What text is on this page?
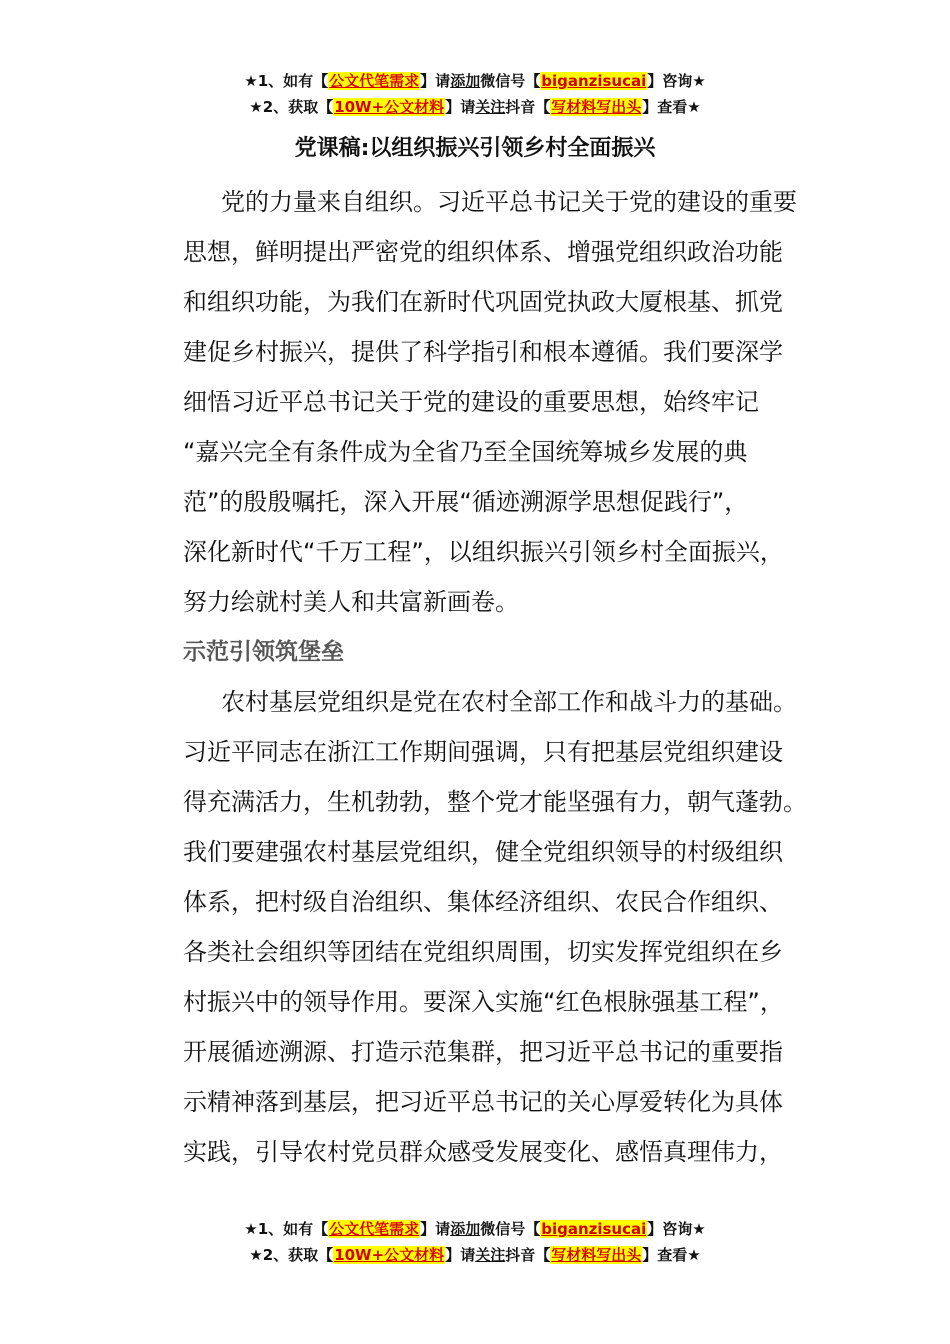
★1、如有【公文代笔需求】请添加微信号【biganzisucai】咨询★
★2、获取【10W+公文材料】请关注抖音【写材料写出头】查看★
党课稿:以组织振兴引领乡村全面振兴

党的力量来自组织。习近平总书记关于党的建设的重要
思想，鲜明提出严密党的组织体系、增强党组织政治功能
和组织功能，为我们在新时代巩固党执政大厦根基、抓党
建促乡村振兴，提供了科学指引和根本遵循。我们要深学
细悟习近平总书记关于党的建设的重要思想，始终牢记
“嘉兴完全有条件成为全省乃至全国统筹城乡发展的典
范”的殷殷嘱托，深入开展“循迹溯源学思想促践行”，
深化新时代“千万工程”，以组织振兴引领乡村全面振兴，
努力绘就村美人和共富新画卷。

示范引领筑堡垒

农村基层党组织是党在农村全部工作和战斗力的基础。
习近平同志在浙江工作期间强调，只有把基层党组织建设
得充满活力，生机勃勃，整个党才能坚强有力，朝气蓬勃。
我们要建强农村基层党组织，健全党组织领导的村级组织
体系，把村级自治组织、集体经济组织、农民合作组织、
各类社会组织等团结在党组织周围，切实发挥党组织在乡
村振兴中的领导作用。要深入实施“红色根脉强基工程”，
开展循迹溯源、打造示范集群，把习近平总书记的重要指
示精神落到基层，把习近平总书记的关心厚爱转化为具体
实践，引导农村党员群众感受发展变化、感悟真理伟力，

★1、如有【公文代笔需求】请添加微信号【biganzisucai】咨询★
★2、获取【10W+公文材料】请关注抖音【写材料写出头】查看★
